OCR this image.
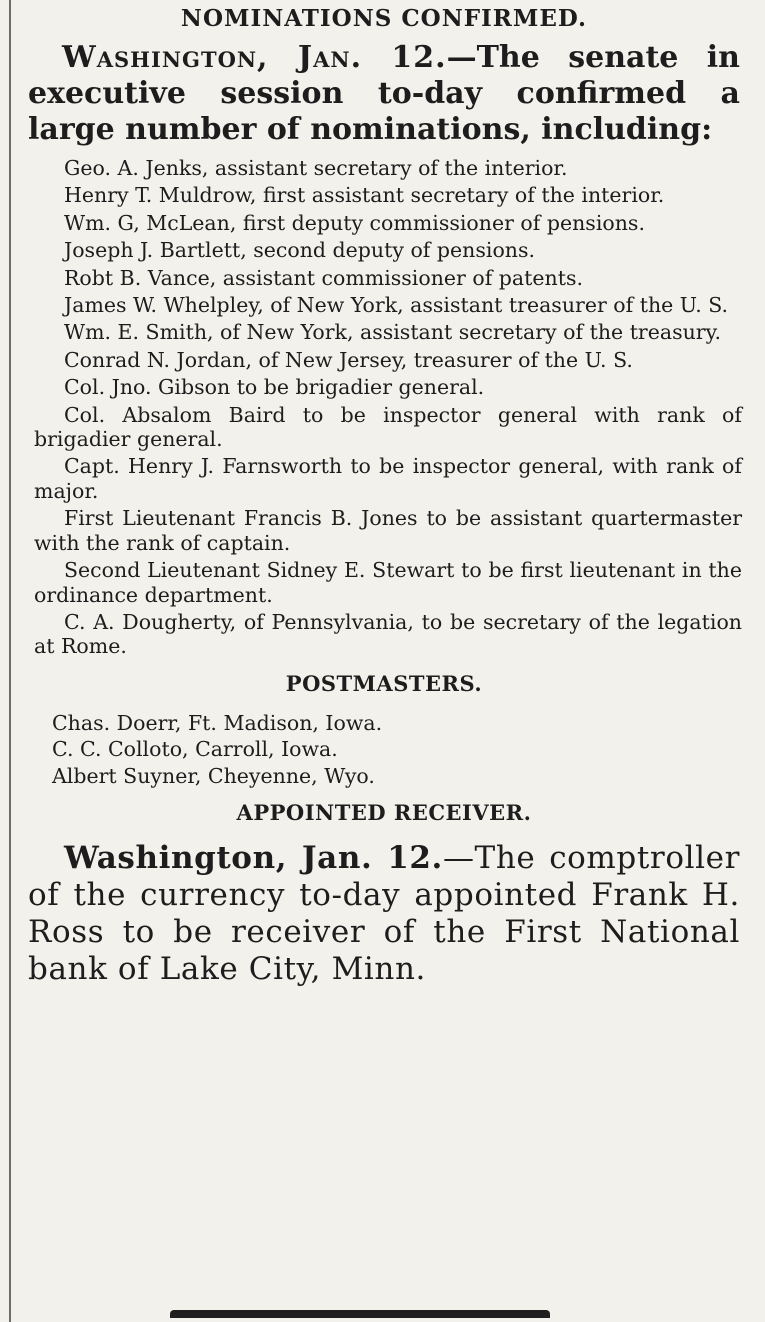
NOMINATIONS CONFIRMED.

Washington, Jan. 12.—The senate in executive session to-day confirmed a large number of nominations, including:

Geo. A. Jenks, assistant secretary of the interior.

Henry T. Muldrow, first assistant secretary of the interior.

Wm. G, McLean, first deputy commissioner of pensions.

Joseph J. Bartlett, second deputy of pensions.

Robt B. Vance, assistant commissioner of patents.

James W. Whelpley, of New York, assistant treasurer of the U. S.

Wm. E. Smith, of New York, assistant secretary of the treasury.

Conrad N. Jordan, of New Jersey, treasurer of the U. S.

Col. Jno. Gibson to be brigadier general.

Col. Absalom Baird to be inspector general with rank of brigadier general.

Capt. Henry J. Farnsworth to be inspector general, with rank of major.

First Lieutenant Francis B. Jones to be assistant quartermaster with the rank of captain.

Second Lieutenant Sidney E. Stewart to be first lieutenant in the ordinance department.

C. A. Dougherty, of Pennsylvania, to be secretary of the legation at Rome.

POSTMASTERS.

Chas. Doerr, Ft. Madison, Iowa.

C. C. Colloto, Carroll, Iowa.

Albert Suyner, Cheyenne, Wyo.

APPOINTED RECEIVER.

Washington, Jan. 12.—The comptroller of the currency to-day appointed Frank H. Ross to be receiver of the First National bank of Lake City, Minn.
